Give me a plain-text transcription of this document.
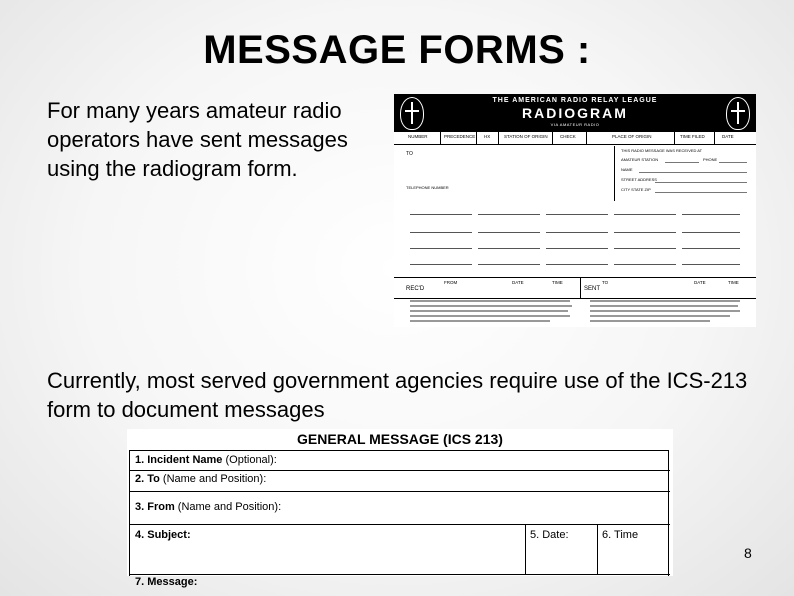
MESSAGE FORMS :
For many years amateur radio operators have sent messages using the radiogram form.
THE AMERICAN RADIO RELAY LEAGUE
RADIOGRAM
VIA AMATEUR RADIO
NUMBER	PRECEDENCE HX	STATION OF ORIGIN	CHECK	PLACE OF ORIGIN	TIME FILED	DATE
TO
TELEPHONE NUMBER
THIS RADIO MESSAGE WAS RECEIVED AT
AMATEUR STATION	PHONE
NAME
STREET ADDRESS
CITY STATE ZIP
REC'D
FROM	DATE	TIME
SENT
TO	DATE	TIME
Currently, most served government agencies require use of the ICS-213 form to document messages
GENERAL MESSAGE (ICS 213)
1. Incident Name (Optional):
2. To (Name and Position):
3. From (Name and Position):
4. Subject:	5. Date:	6. Time
7. Message:
8
